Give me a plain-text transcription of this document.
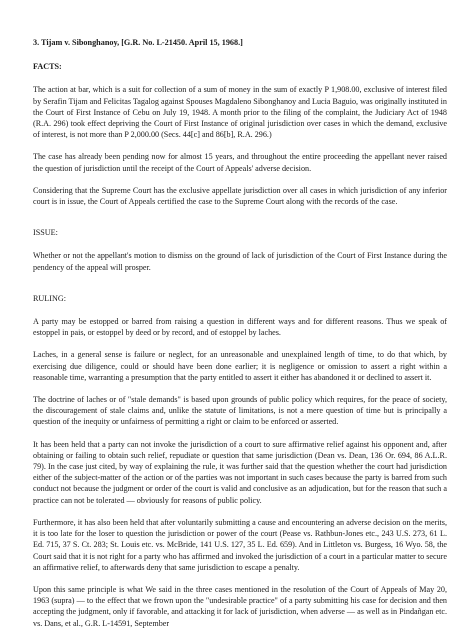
3. Tijam v. Sibonghanoy, [G.R. No. L-21450. April 15, 1968.]
FACTS:

The action at bar, which is a suit for collection of a sum of money in the sum of exactly P 1,908.00, exclusive of interest filed by Serafin Tijam and Felicitas Tagalog against Spouses Magdaleno Sibonghanoy and Lucia Baguio, was originally instituted in the Court of First Instance of Cebu on July 19, 1948. A month prior to the filing of the complaint, the Judiciary Act of 1948 (R.A. 296) took effect depriving the Court of First Instance of original jurisdiction over cases in which the demand, exclusive of interest, is not more than P 2,000.00 (Secs. 44[c] and 86[b], R.A. 296.)

The case has already been pending now for almost 15 years, and throughout the entire proceeding the appellant never raised the question of jurisdiction until the receipt of the Court of Appeals' adverse decision.

Considering that the Supreme Court has the exclusive appellate jurisdiction over all cases in which jurisdiction of any inferior court is in issue, the Court of Appeals certified the case to the Supreme Court along with the records of the case.

ISSUE:

Whether or not the appellant's motion to dismiss on the ground of lack of jurisdiction of the Court of First Instance during the pendency of the appeal will prosper.

RULING:

A party may be estopped or barred from raising a question in different ways and for different reasons. Thus we speak of estoppel in pais, or estoppel by deed or by record, and of estoppel by laches.

Laches, in a general sense is failure or neglect, for an unreasonable and unexplained length of time, to do that which, by exercising due diligence, could or should have been done earlier; it is negligence or omission to assert a right within a reasonable time, warranting a presumption that the party entitled to assert it either has abandoned it or declined to assert it.

The doctrine of laches or of "stale demands" is based upon grounds of public policy which requires, for the peace of society, the discouragement of stale claims and, unlike the statute of limitations, is not a mere question of time but is principally a question of the inequity or unfairness of permitting a right or claim to be enforced or asserted.

It has been held that a party can not invoke the jurisdiction of a court to sure affirmative relief against his opponent and, after obtaining or failing to obtain such relief, repudiate or question that same jurisdiction (Dean vs. Dean, 136 Or. 694, 86 A.L.R. 79). In the case just cited, by way of explaining the rule, it was further said that the question whether the court had jurisdiction either of the subject-matter of the action or of the parties was not important in such cases because the party is barred from such conduct not because the judgment or order of the court is valid and conclusive as an adjudication, but for the reason that such a practice can not be tolerated — obviously for reasons of public policy.

Furthermore, it has also been held that after voluntarily submitting a cause and encountering an adverse decision on the merits, it is too late for the loser to question the jurisdiction or power of the court (Pease vs. Rathbun-Jones etc., 243 U.S. 273, 61 L. Ed. 715, 37 S. Ct. 283; St. Louis etc. vs. McBride, 141 U.S. 127, 35 L. Ed. 659). And in Littleton vs. Burgess, 16 Wyo. 58, the Court said that it is not right for a party who has affirmed and invoked the jurisdiction of a court in a particular matter to secure an affirmative relief, to afterwards deny that same jurisdiction to escape a penalty.

Upon this same principle is what We said in the three cases mentioned in the resolution of the Court of Appeals of May 20, 1963 (supra) — to the effect that we frown upon the "undesirable practice" of a party submitting his case for decision and then accepting the judgment, only if favorable, and attacking it for lack of jurisdiction, when adverse — as well as in Pindañgan etc. vs. Dans, et al., G.R. L-14591, September
